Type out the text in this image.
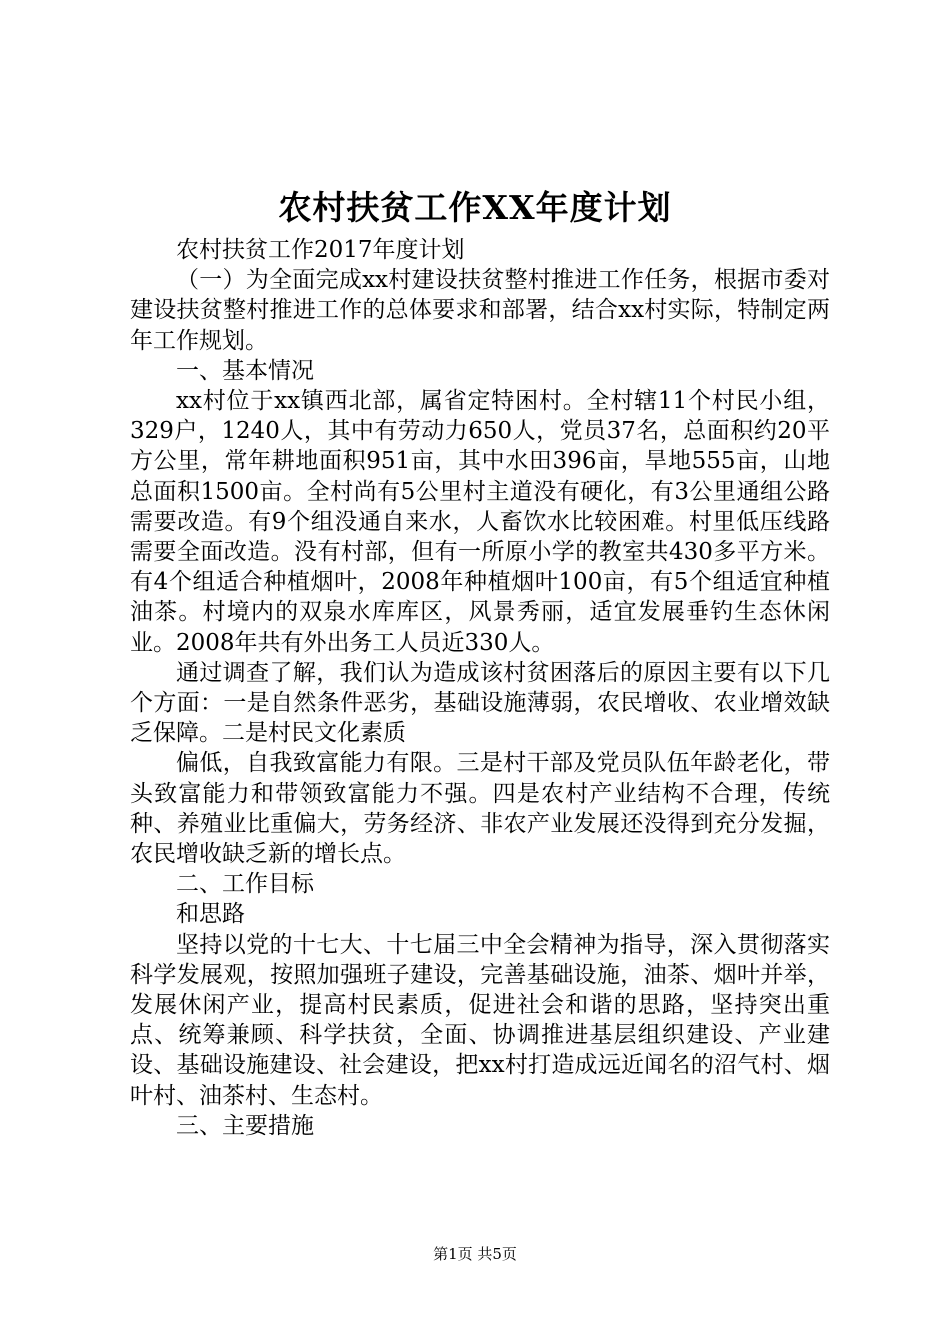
农村扶贫工作XX年度计划

农村扶贫工作2017年度计划

（一）为全面完成xx村建设扶贫整村推进工作任务，根据市委对建设扶贫整村推进工作的总体要求和部署，结合xx村实际，特制定两年工作规划。

一、基本情况

xx村位于xx镇西北部，属省定特困村。全村辖11个村民小组，329户，1240人，其中有劳动力650人，党员37名，总面积约20平方公里，常年耕地面积951亩，其中水田396亩，旱地555亩，山地总面积1500亩。全村尚有5公里村主道没有硬化，有3公里通组公路需要改造。有9个组没通自来水，人畜饮水比较困难。村里低压线路需要全面改造。没有村部，但有一所原小学的教室共430多平方米。有4个组适合种植烟叶，2008年种植烟叶100亩，有5个组适宜种植油茶。村境内的双泉水库库区，风景秀丽，适宜发展垂钓生态休闲业。2008年共有外出务工人员近330人。

通过调查了解，我们认为造成该村贫困落后的原因主要有以下几个方面：一是自然条件恶劣，基础设施薄弱，农民增收、农业增效缺乏保障。二是村民文化素质

偏低，自我致富能力有限。三是村干部及党员队伍年龄老化，带头致富能力和带领致富能力不强。四是农村产业结构不合理，传统种、养殖业比重偏大，劳务经济、非农产业发展还没得到充分发掘，农民增收缺乏新的增长点。

二、工作目标

和思路

坚持以党的十七大、十七届三中全会精神为指导，深入贯彻落实科学发展观，按照加强班子建设，完善基础设施，油茶、烟叶并举，发展休闲产业，提高村民素质，促进社会和谐的思路，坚持突出重点、统筹兼顾、科学扶贫，全面、协调推进基层组织建设、产业建设、基础设施建设、社会建设，把xx村打造成远近闻名的沼气村、烟叶村、油茶村、生态村。

三、主要措施

第1页 共5页
